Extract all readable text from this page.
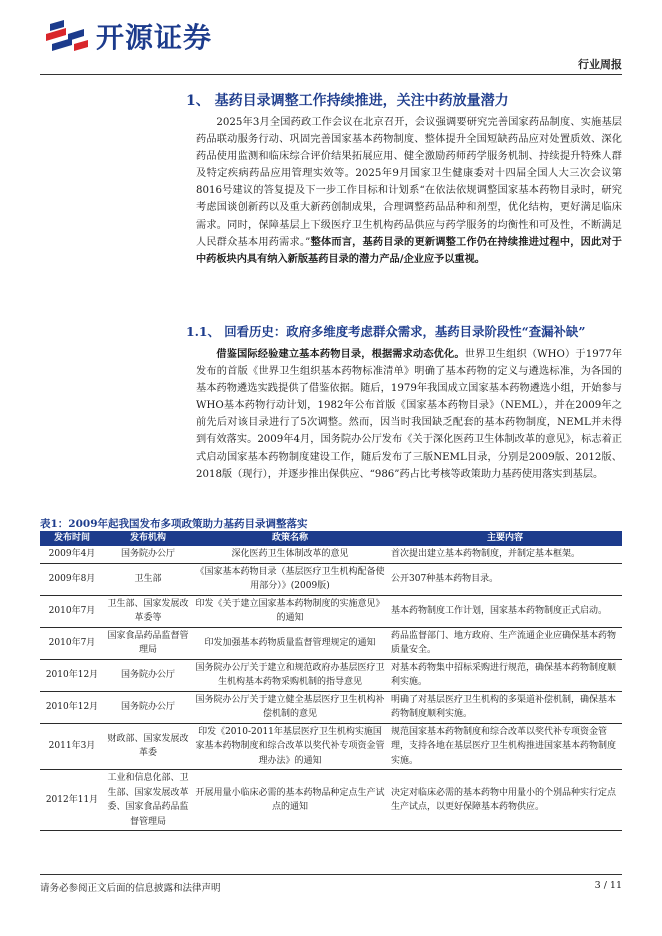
开源证券
行业周报
1、 基药目录调整工作持续推进，关注中药放量潜力
2025年3月全国药政工作会议在北京召开，会议强调要研究完善国家药品制度、实施基层药品联动服务行动、巩固完善国家基本药物制度、整体提升全国短缺药品应对处置质效、深化药品使用监测和临床综合评价结果拓展应用、健全激励药师药学服务机制、持续提升特殊人群及特定疾病药品应用管理实效等。2025年9月国家卫生健康委对十四届全国人大三次会议第8016号建议的答复提及下一步工作目标和计划系“在依法依规调整国家基本药物目录时，研究考虑国谈创新药以及重大新药创制成果，合理调整药品品种和剂型，优化结构，更好满足临床需求。同时，保障基层上下级医疗卫生机构药品供应与药学服务的均衡性和可及性，不断满足人民群众基本用药需求。”整体而言，基药目录的更新调整工作仍在持续推进过程中，因此对于中药板块内具有纳入新版基药目录的潜力产品/企业应予以重视。
1.1、 回看历史：政府多维度考虑群众需求，基药目录阶段性“查漏补缺”
借鉴国际经验建立基本药物目录，根据需求动态优化。世界卫生组织（WHO）于1977年发布的首版《世界卫生组织基本药物标准清单》明确了基本药物的定义与遴选标准，为各国的基本药物遴选实践提供了借鉴依据。随后，1979年我国成立国家基本药物遴选小组，开始参与WHO基本药物行动计划，1982年公布首版《国家基本药物目录》（NEML），并在2009年之前先后对该目录进行了5次调整。然而，因当时我国缺乏配套的基本药物制度，NEML并未得到有效落实。2009年4月，国务院办公厅发布《关于深化医药卫生体制改革的意见》，标志着正式启动国家基本药物制度建设工作，随后发布了三版NEML目录，分别是2009版、2012版、2018版（现行），并逐步推出保供应、“986”药占比考核等政策助力基药使用落实到基层。
表1：2009年起我国发布多项政策助力基药目录调整落实
发布时间	发布机构	政策名称	主要内容
2009年4月	国务院办公厅	深化医药卫生体制改革的意见	首次提出建立基本药物制度，并制定基本框架。
2009年8月	卫生部	《国家基本药物目录（基层医疗卫生机构配备使用部分）》(2009版)	公开307种基本药物目录。
2010年7月	卫生部、国家发展改革委等	印发《关于建立国家基本药物制度的实施意见》的通知	基本药物制度工作计划，国家基本药物制度正式启动。
2010年7月	国家食品药品监督管理局	印发加强基本药物质量监督管理规定的通知	药品监督部门、地方政府、生产流通企业应确保基本药物质量安全。
2010年12月	国务院办公厅	国务院办公厅关于建立和规范政府办基层医疗卫生机构基本药物采购机制的指导意见	对基本药物集中招标采购进行规范，确保基本药物制度顺利实施。
2010年12月	国务院办公厅	国务院办公厅关于建立健全基层医疗卫生机构补偿机制的意见	明确了对基层医疗卫生机构的多渠道补偿机制，确保基本药物制度顺利实施。
2011年3月	财政部、国家发展改革委	印发《2010-2011年基层医疗卫生机构实施国家基本药物制度和综合改革以奖代补专项资金管理办法》的通知	规范国家基本药物制度和综合改革以奖代补专项资金管理，支持各地在基层医疗卫生机构推进国家基本药物制度实施。
2012年11月	工业和信息化部、卫生部、国家发展改革委、国家食品药品监督管理局	开展用量小临床必需的基本药物品种定点生产试点的通知	决定对临床必需的基本药物中用量小的个别品种实行定点生产试点，以更好保障基本药物供应。
请务必参阅正文后面的信息披露和法律声明	3 / 11
